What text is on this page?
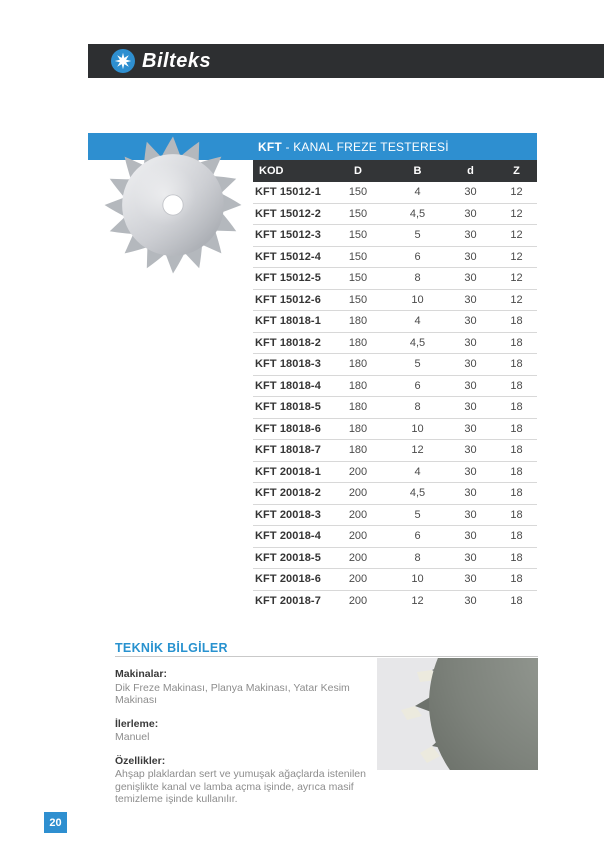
Bilteks
KFT - KANAL FREZE TESTERESİ
KOD	D	B	d	Z
KFT 15012-1	150	4	30	12
KFT 15012-2	150	4,5	30	12
KFT 15012-3	150	5	30	12
KFT 15012-4	150	6	30	12
KFT 15012-5	150	8	30	12
KFT 15012-6	150	10	30	12
KFT 18018-1	180	4	30	18
KFT 18018-2	180	4,5	30	18
KFT 18018-3	180	5	30	18
KFT 18018-4	180	6	30	18
KFT 18018-5	180	8	30	18
KFT 18018-6	180	10	30	18
KFT 18018-7	180	12	30	18
KFT 20018-1	200	4	30	18
KFT 20018-2	200	4,5	30	18
KFT 20018-3	200	5	30	18
KFT 20018-4	200	6	30	18
KFT 20018-5	200	8	30	18
KFT 20018-6	200	10	30	18
KFT 20018-7	200	12	30	18
TEKNİK BİLGİLER
Makinalar:
Dik Freze Makinası, Planya Makinası, Yatar Kesim Makinası
İlerleme:
Manuel
Özellikler:
Ahşap plaklardan sert ve yumuşak ağaçlarda istenilen genişlikte kanal ve lamba açma işinde, ayrıca masif temizleme işinde kullanılır.
20
